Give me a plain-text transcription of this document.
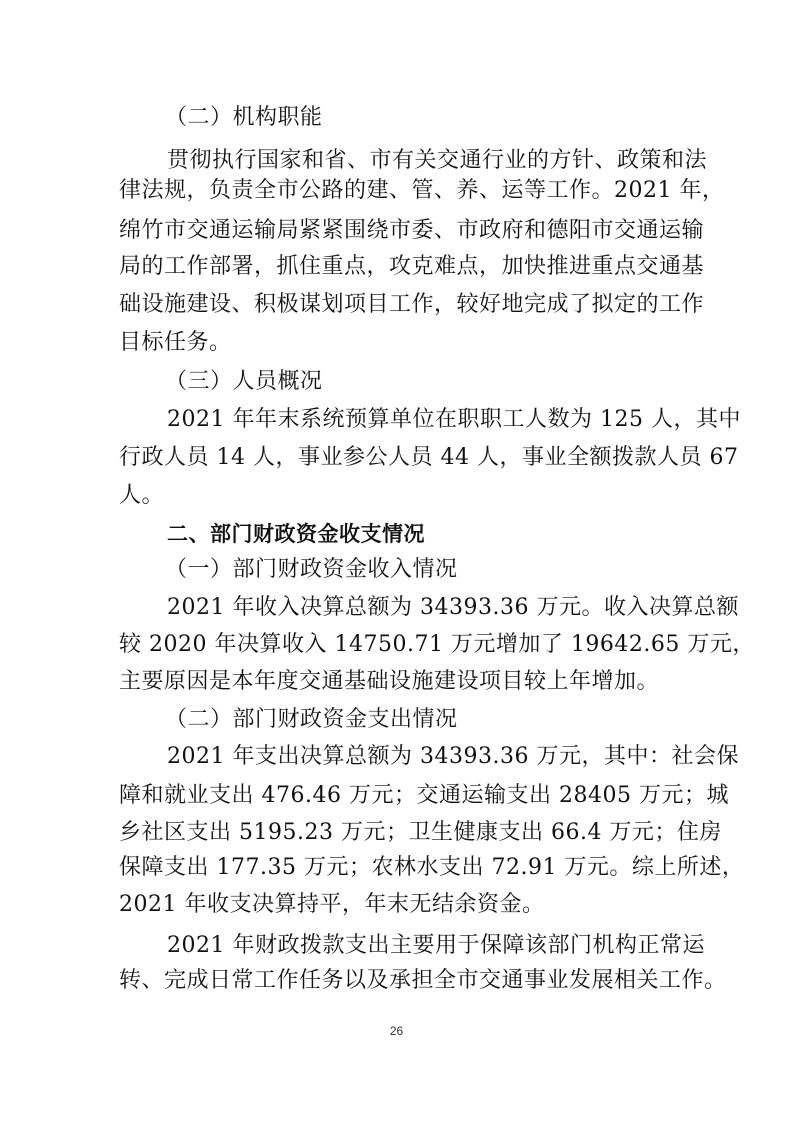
（二）机构职能
贯彻执行国家和省、市有关交通行业的方针、政策和法
律法规，负责全市公路的建、管、养、运等工作。2021 年，
绵竹市交通运输局紧紧围绕市委、市政府和德阳市交通运输
局的工作部署，抓住重点，攻克难点，加快推进重点交通基
础设施建设、积极谋划项目工作，较好地完成了拟定的工作
目标任务。
（三）人员概况
2021 年年末系统预算单位在职职工人数为 125 人，其中
行政人员 14 人，事业参公人员 44 人，事业全额拨款人员 67
人。
二、部门财政资金收支情况
（一）部门财政资金收入情况
2021 年收入决算总额为 34393.36 万元。收入决算总额
较 2020 年决算收入 14750.71 万元增加了 19642.65 万元，
主要原因是本年度交通基础设施建设项目较上年增加。
（二）部门财政资金支出情况
2021 年支出决算总额为 34393.36 万元，其中：社会保
障和就业支出 476.46 万元；交通运输支出 28405 万元；城
乡社区支出 5195.23 万元；卫生健康支出 66.4 万元；住房
保障支出 177.35 万元；农林水支出 72.91 万元。综上所述，
2021 年收支决算持平，年末无结余资金。
2021 年财政拨款支出主要用于保障该部门机构正常运
转、完成日常工作任务以及承担全市交通事业发展相关工作。
26
